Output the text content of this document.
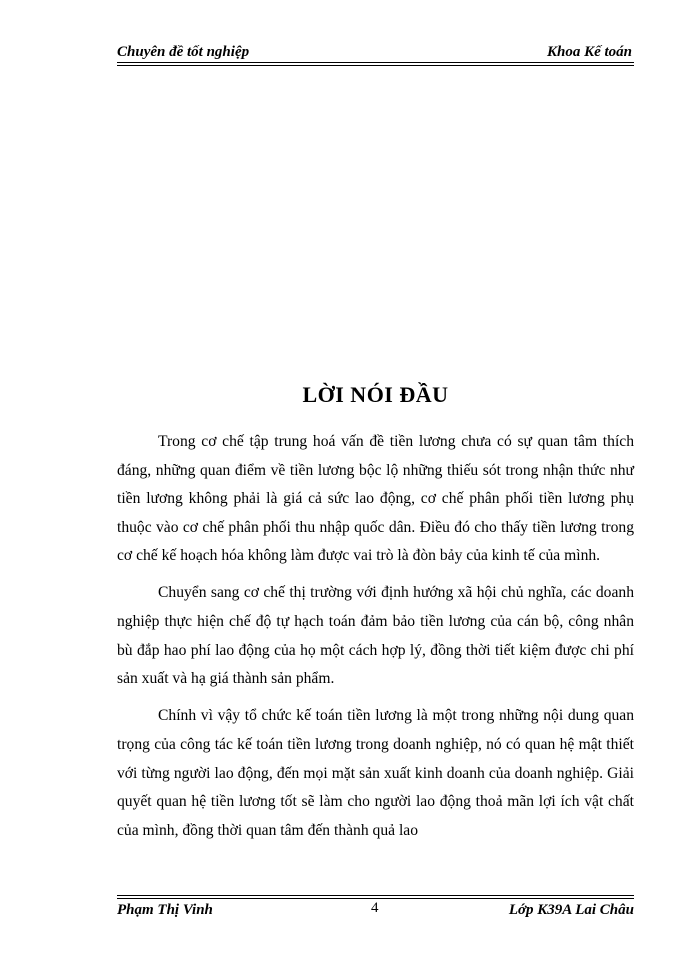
Chuyên đề tốt nghiệp	Khoa Kế toán
LỜI NÓI ĐẦU

Trong cơ chế tập trung hoá vấn đề tiền lương chưa có sự quan tâm thích đáng, những quan điểm về tiền lương bộc lộ những thiếu sót trong nhận thức như tiền lương không phải là giá cả sức lao động, cơ chế phân phối tiền lương phụ thuộc vào cơ chế phân phối thu nhập quốc dân. Điều đó cho thấy tiền lương trong cơ chế kế hoạch hóa không làm được vai trò là đòn bảy của kinh tế của mình.

Chuyển sang cơ chế thị trường với định hướng xã hội chủ nghĩa, các doanh nghiệp thực hiện chế độ tự hạch toán đảm bảo tiền lương của cán bộ, công nhân bù đắp hao phí lao động của họ một cách hợp lý, đồng thời tiết kiệm được chi phí sản xuất và hạ giá thành sản phẩm.

Chính vì vậy tổ chức kế toán tiền lương là một trong những nội dung quan trọng của công tác kế toán tiền lương trong doanh nghiệp, nó có quan hệ mật thiết với từng người lao động, đến mọi mặt sản xuất kinh doanh của doanh nghiệp. Giải quyết quan hệ tiền lương tốt sẽ làm cho người lao động thoả mãn lợi ích vật chất của mình, đồng thời quan tâm đến thành quả lao

Phạm Thị Vinh	4	Lớp K39A Lai Châu
